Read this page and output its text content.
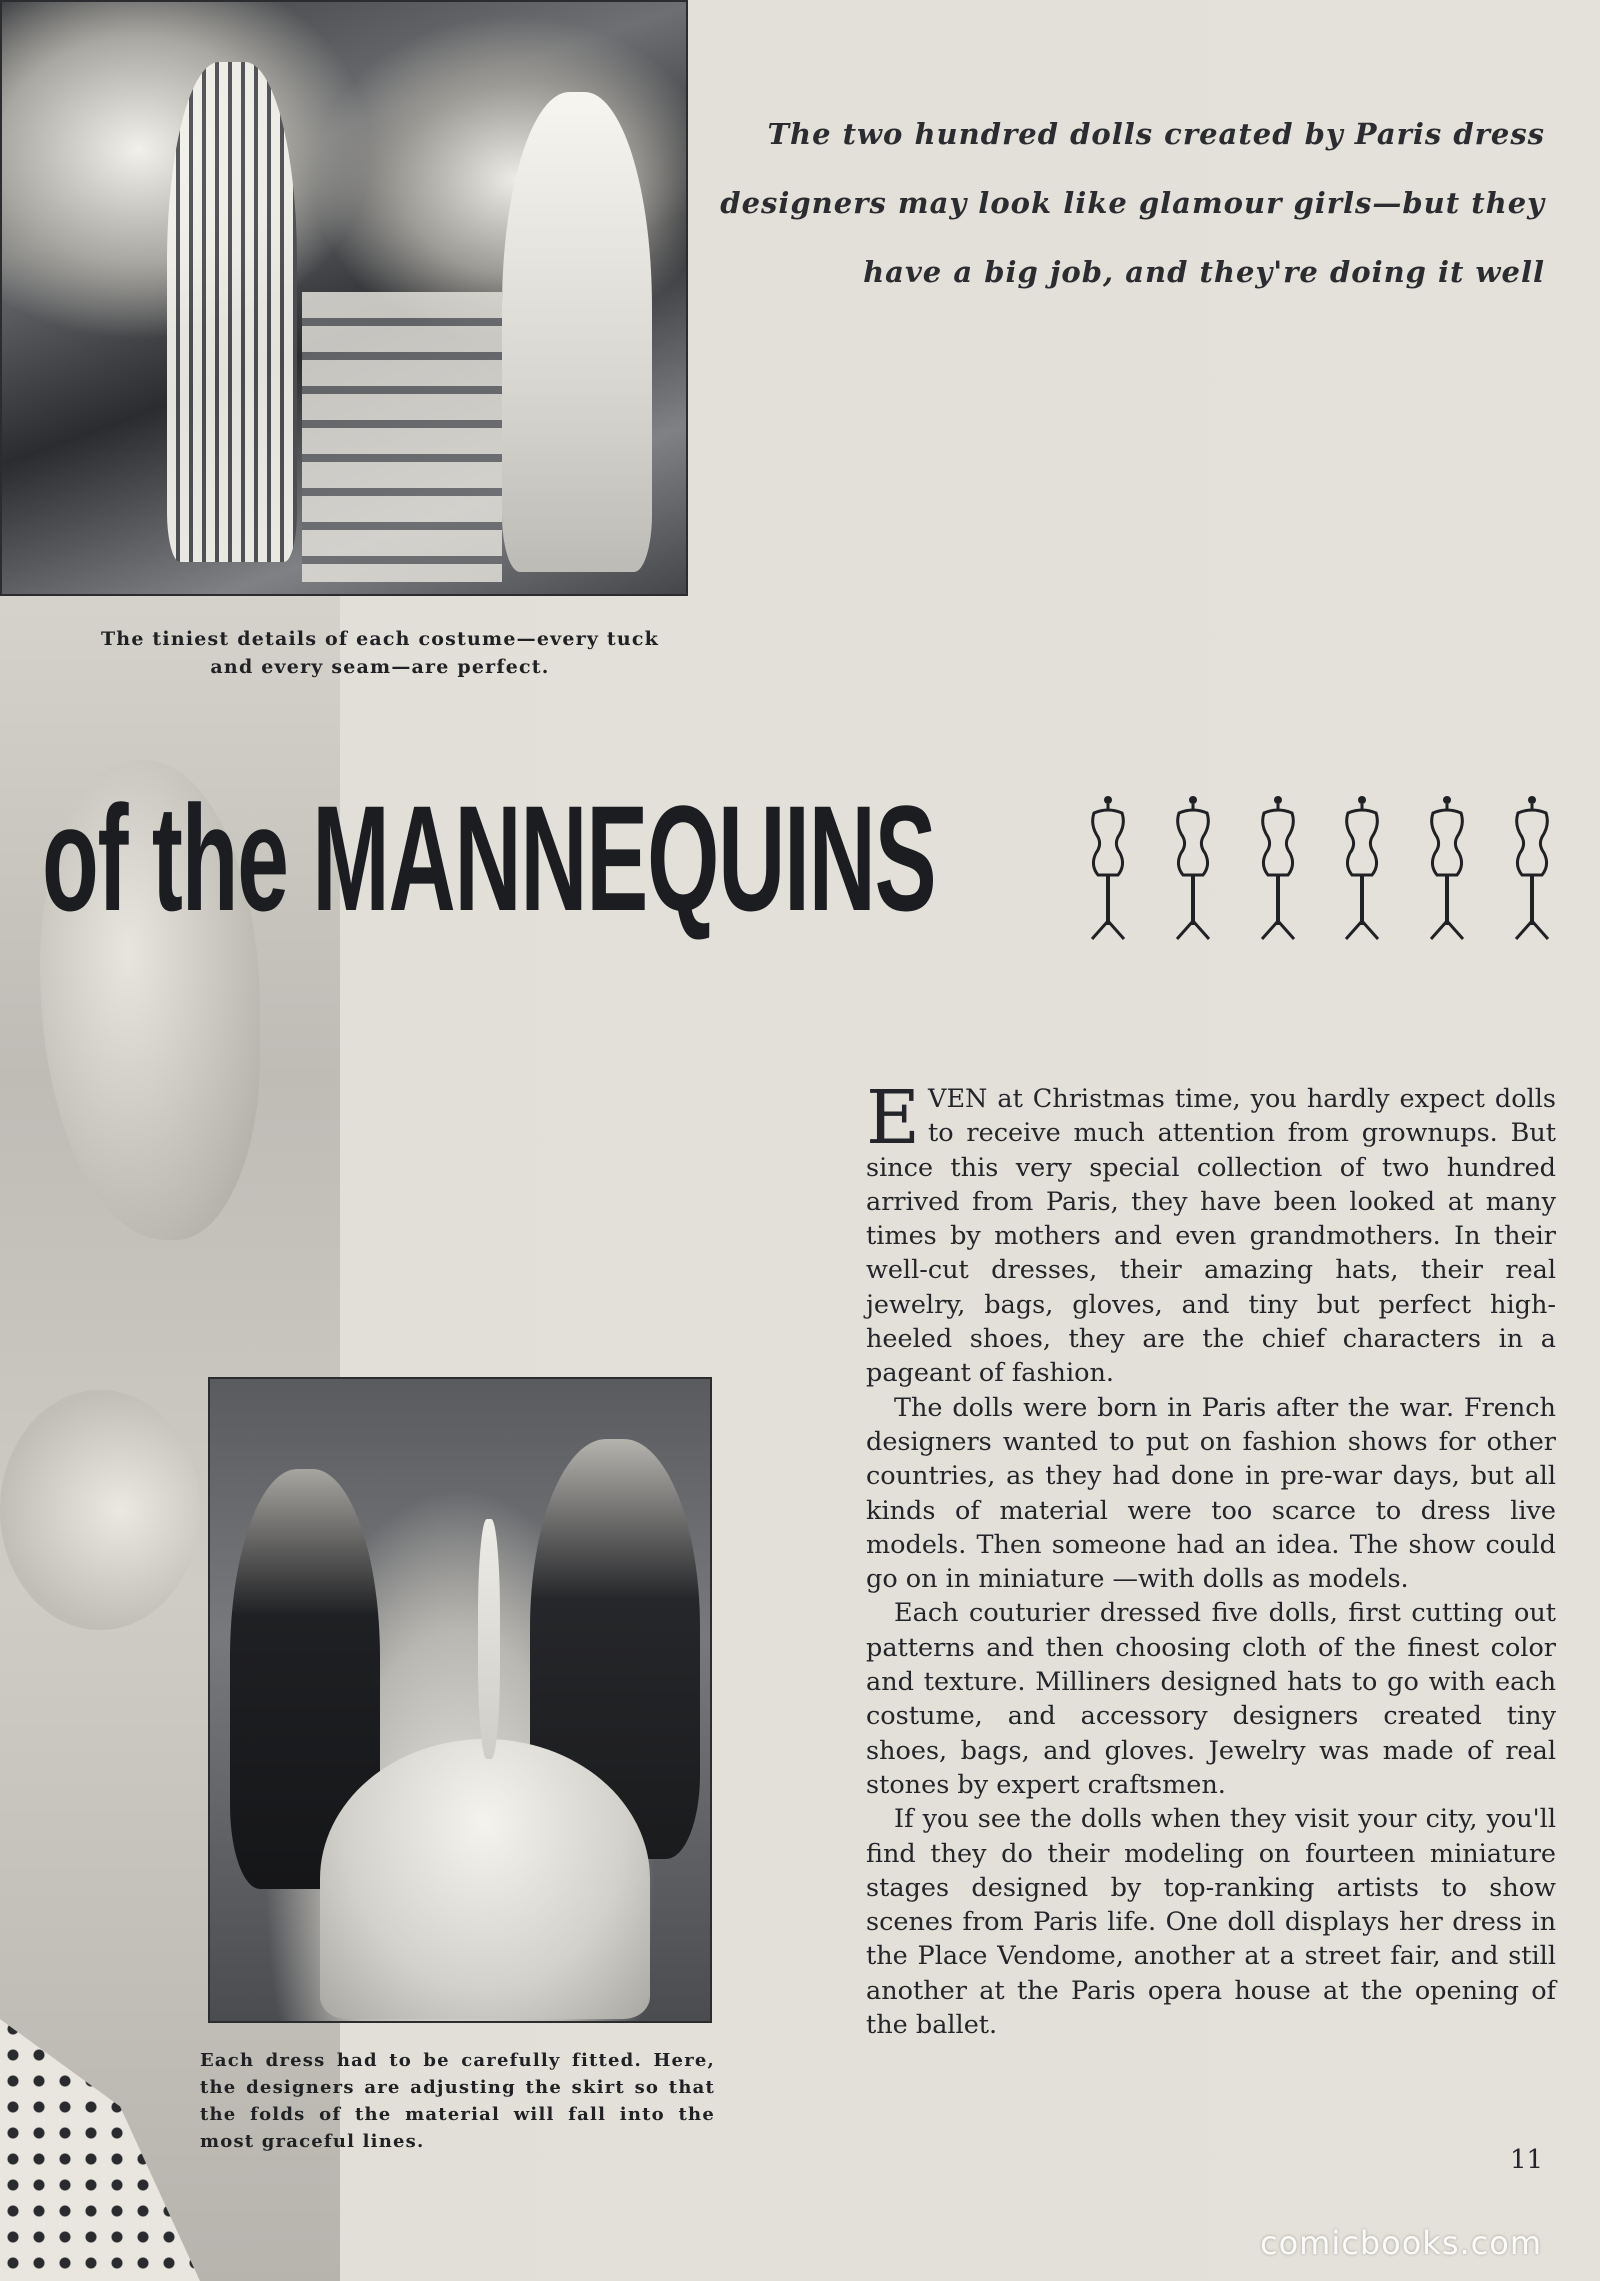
The tiniest details of each costume—every tuck and every seam—are perfect.
The two hundred dolls created by Paris dress designers may look like glamour girls—but they have a big job, and they're doing it well
of the MANNEQUINS
Each dress had to be carefully fitted. Here, the designers are adjusting the skirt so that the folds of the material will fall into the most graceful lines.

EVEN at Christmas time, you hardly expect dolls to receive much attention from grownups. But since this very special collection of two hundred arrived from Paris, they have been looked at many times by mothers and even grandmothers. In their well-cut dresses, their amazing hats, their real jewelry, bags, gloves, and tiny but perfect high-heeled shoes, they are the chief characters in a pageant of fashion.

The dolls were born in Paris after the war. French designers wanted to put on fashion shows for other countries, as they had done in pre-war days, but all kinds of material were too scarce to dress live models. Then someone had an idea. The show could go on in miniature —with dolls as models.

Each couturier dressed five dolls, first cutting out patterns and then choosing cloth of the finest color and texture. Milliners designed hats to go with each costume, and accessory designers created tiny shoes, bags, and gloves. Jewelry was made of real stones by expert craftsmen.

If you see the dolls when they visit your city, you'll find they do their modeling on fourteen miniature stages designed by top-ranking artists to show scenes from Paris life. One doll displays her dress in the Place Vendome, another at a street fair, and still another at the Paris opera house at the opening of the ballet.

11
comicbooks.com
